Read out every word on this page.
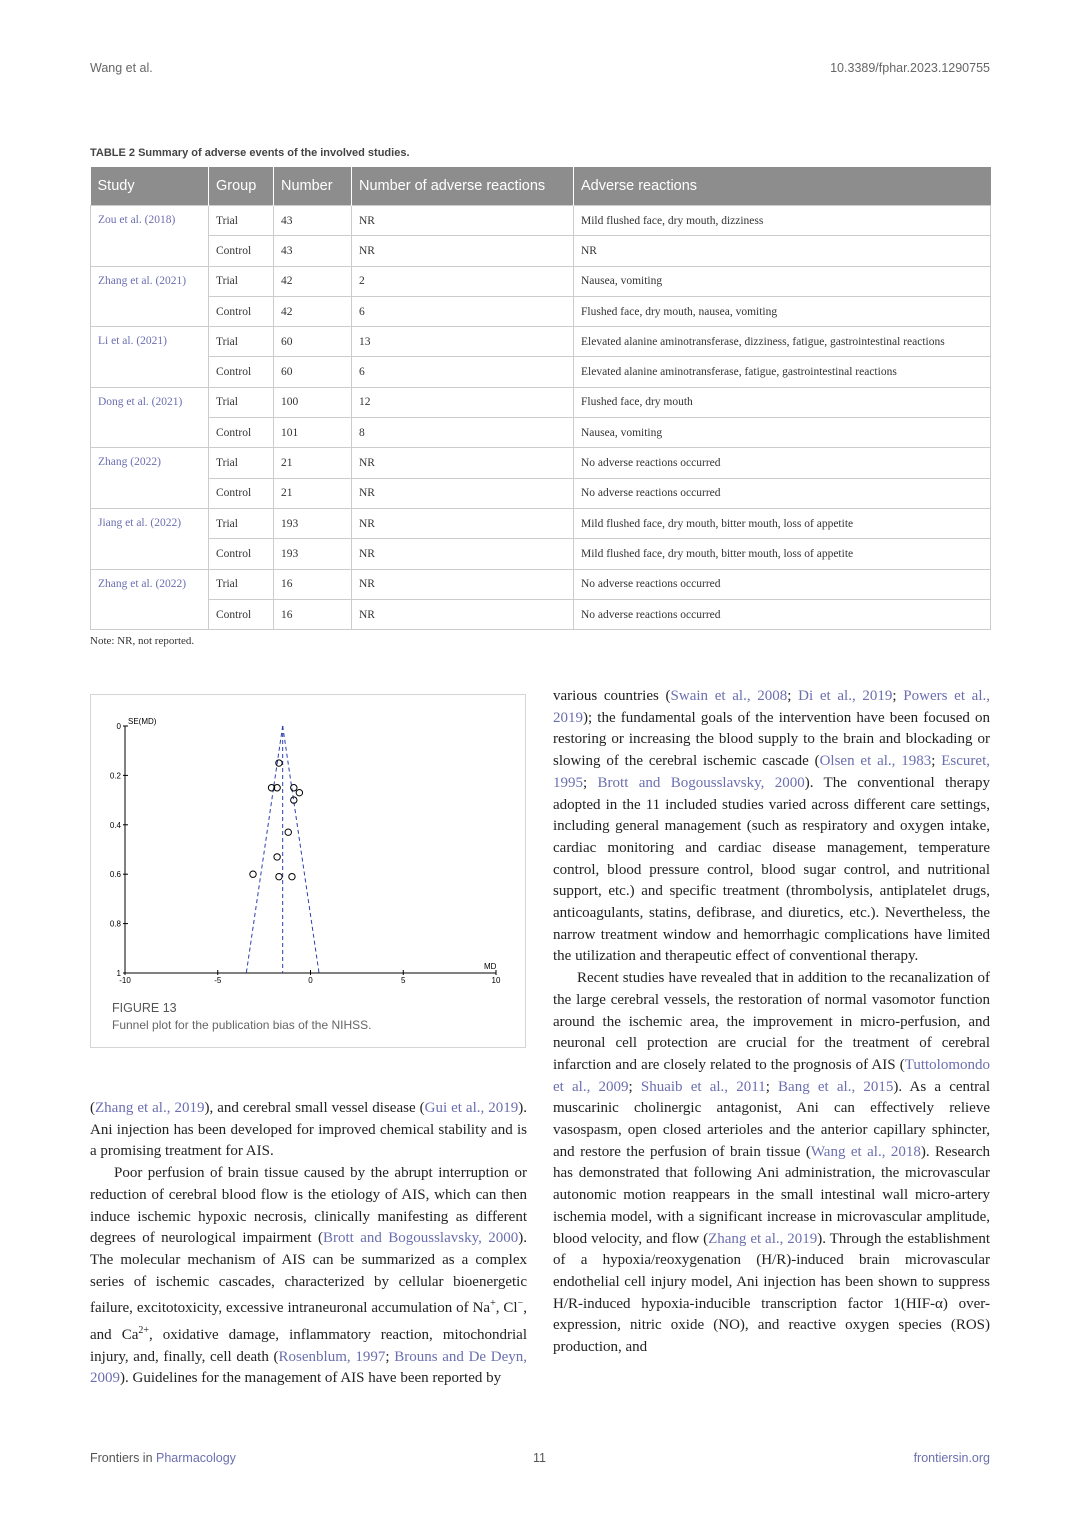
Wang et al.	10.3389/fphar.2023.1290755
TABLE 2 Summary of adverse events of the involved studies.
Study	Group	Number	Number of adverse reactions	Adverse reactions
Zou et al. (2018)	Trial	43	NR	Mild flushed face, dry mouth, dizziness
	Control	43	NR	NR
Zhang et al. (2021)	Trial	42	2	Nausea, vomiting
	Control	42	6	Flushed face, dry mouth, nausea, vomiting
Li et al. (2021)	Trial	60	13	Elevated alanine aminotransferase, dizziness, fatigue, gastrointestinal reactions
	Control	60	6	Elevated alanine aminotransferase, fatigue, gastrointestinal reactions
Dong et al. (2021)	Trial	100	12	Flushed face, dry mouth
	Control	101	8	Nausea, vomiting
Zhang (2022)	Trial	21	NR	No adverse reactions occurred
	Control	21	NR	No adverse reactions occurred
Jiang et al. (2022)	Trial	193	NR	Mild flushed face, dry mouth, bitter mouth, loss of appetite
	Control	193	NR	Mild flushed face, dry mouth, bitter mouth, loss of appetite
Zhang et al. (2022)	Trial	16	NR	No adverse reactions occurred
	Control	16	NR	No adverse reactions occurred
Note: NR, not reported.
0
0.2
0.4
0.6
0.8
1
-10	-5	0	5	10
SE(MD)
MD
FIGURE 13
Funnel plot for the publication bias of the NIHSS.

various countries (Swain et al., 2008; Di et al., 2019; Powers et al., 2019); the fundamental goals of the intervention have been focused on restoring or increasing the blood supply to the brain and blockading or slowing of the cerebral ischemic cascade (Olsen et al., 1983; Escuret, 1995; Brott and Bogousslavsky, 2000). The conventional therapy adopted in the 11 included studies varied across different care settings, including general management (such as respiratory and oxygen intake, cardiac monitoring and cardiac disease management, temperature control, blood pressure control, blood sugar control, and nutritional support, etc.) and specific treatment (thrombolysis, antiplatelet drugs, anticoagulants, statins, defibrase, and diuretics, etc.). Nevertheless, the narrow treatment window and hemorrhagic complications have limited the utilization and therapeutic effect of conventional therapy.

Recent studies have revealed that in addition to the recanalization of the large cerebral vessels, the restoration of normal vasomotor function around the ischemic area, the improvement in micro-perfusion, and neuronal cell protection are crucial for the treatment of cerebral infarction and are closely related to the prognosis of AIS (Tuttolomondo et al., 2009; Shuaib et al., 2011; Bang et al., 2015). As a central muscarinic cholinergic antagonist, Ani can effectively relieve vasospasm, open closed arterioles and the anterior capillary sphincter, and restore the perfusion of brain tissue (Wang et al., 2018). Research has demonstrated that following Ani administration, the microvascular autonomic motion reappears in the small intestinal wall micro-artery ischemia model, with a significant increase in microvascular amplitude, blood velocity, and flow (Zhang et al., 2019). Through the establishment of a hypoxia/reoxygenation (H/R)-induced brain microvascular endothelial cell injury model, Ani injection has been shown to suppress H/R-induced hypoxia-inducible transcription factor 1(HIF-α) over-expression, nitric oxide (NO), and reactive oxygen species (ROS) production, and

(Zhang et al., 2019), and cerebral small vessel disease (Gui et al., 2019). Ani injection has been developed for improved chemical stability and is a promising treatment for AIS.

Poor perfusion of brain tissue caused by the abrupt interruption or reduction of cerebral blood flow is the etiology of AIS, which can then induce ischemic hypoxic necrosis, clinically manifesting as different degrees of neurological impairment (Brott and Bogousslavsky, 2000). The molecular mechanism of AIS can be summarized as a complex series of ischemic cascades, characterized by cellular bioenergetic failure, excitotoxicity, excessive intraneuronal accumulation of Na+, Cl−, and $Ca^{2+}$, oxidative damage, inflammatory reaction, mitochondrial injury, and, finally, cell death (Rosenblum, 1997; Brouns and De Deyn, 2009). Guidelines for the management of AIS have been reported by

Frontiers in Pharmacology	11	frontiersin.org
